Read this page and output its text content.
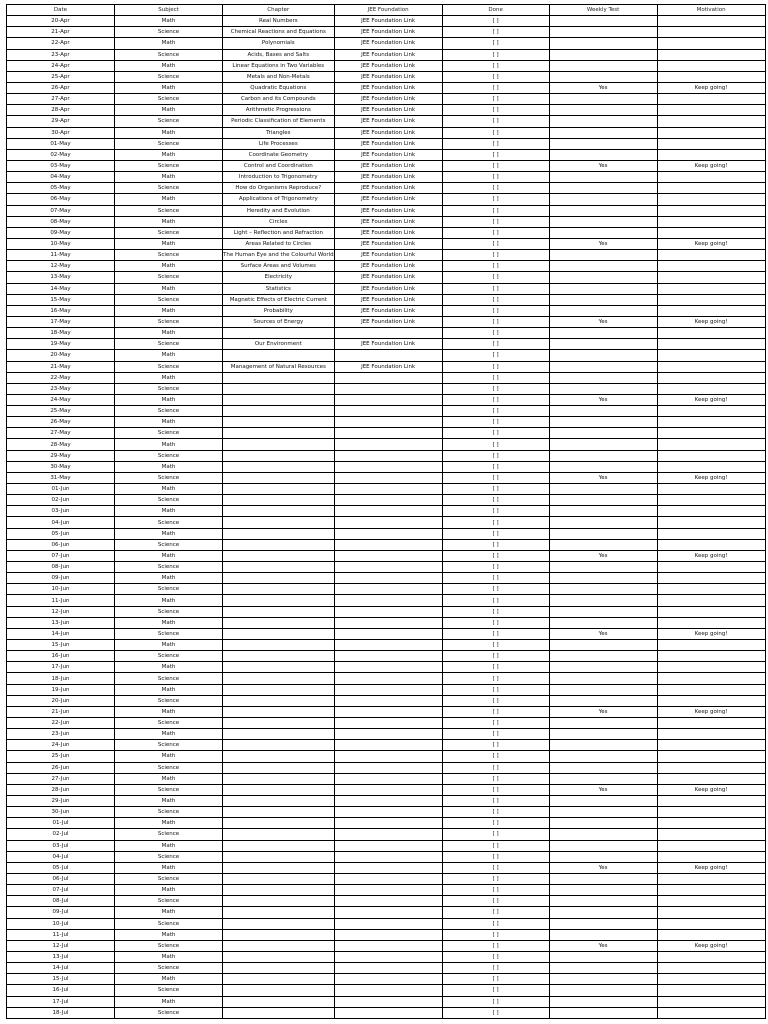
Date	Subject	Chapter	JEE Foundation	Done	Weekly Test	Motivation
20-Apr	Math	Real Numbers	JEE Foundation Link	[ ]		
21-Apr	Science	Chemical Reactions and Equations	JEE Foundation Link	[ ]		
22-Apr	Math	Polynomials	JEE Foundation Link	[ ]		
23-Apr	Science	Acids, Bases and Salts	JEE Foundation Link	[ ]		
24-Apr	Math	Linear Equations in Two Variables	JEE Foundation Link	[ ]		
25-Apr	Science	Metals and Non-Metals	JEE Foundation Link	[ ]		
26-Apr	Math	Quadratic Equations	JEE Foundation Link	[ ]	Yes	Keep going!
27-Apr	Science	Carbon and its Compounds	JEE Foundation Link	[ ]		
28-Apr	Math	Arithmetic Progressions	JEE Foundation Link	[ ]		
29-Apr	Science	Periodic Classification of Elements	JEE Foundation Link	[ ]		
30-Apr	Math	Triangles	JEE Foundation Link	[ ]		
01-May	Science	Life Processes	JEE Foundation Link	[ ]		
02-May	Math	Coordinate Geometry	JEE Foundation Link	[ ]		
03-May	Science	Control and Coordination	JEE Foundation Link	[ ]	Yes	Keep going!
04-May	Math	Introduction to Trigonometry	JEE Foundation Link	[ ]		
05-May	Science	How do Organisms Reproduce?	JEE Foundation Link	[ ]		
06-May	Math	Applications of Trigonometry	JEE Foundation Link	[ ]		
07-May	Science	Heredity and Evolution	JEE Foundation Link	[ ]		
08-May	Math	Circles	JEE Foundation Link	[ ]		
09-May	Science	Light – Reflection and Refraction	JEE Foundation Link	[ ]		
10-May	Math	Areas Related to Circles	JEE Foundation Link	[ ]	Yes	Keep going!
11-May	Science	The Human Eye and the Colourful World	JEE Foundation Link	[ ]		
12-May	Math	Surface Areas and Volumes	JEE Foundation Link	[ ]		
13-May	Science	Electricity	JEE Foundation Link	[ ]		
14-May	Math	Statistics	JEE Foundation Link	[ ]		
15-May	Science	Magnetic Effects of Electric Current	JEE Foundation Link	[ ]		
16-May	Math	Probability	JEE Foundation Link	[ ]		
17-May	Science	Sources of Energy	JEE Foundation Link	[ ]	Yes	Keep going!
18-May	Math			[ ]		
19-May	Science	Our Environment	JEE Foundation Link	[ ]		
20-May	Math			[ ]		
21-May	Science	Management of Natural Resources	JEE Foundation Link	[ ]		
22-May	Math			[ ]		
23-May	Science			[ ]		
24-May	Math			[ ]	Yes	Keep going!
25-May	Science			[ ]		
26-May	Math			[ ]		
27-May	Science			[ ]		
28-May	Math			[ ]		
29-May	Science			[ ]		
30-May	Math			[ ]		
31-May	Science			[ ]	Yes	Keep going!
01-Jun	Math			[ ]		
02-Jun	Science			[ ]		
03-Jun	Math			[ ]		
04-Jun	Science			[ ]		
05-Jun	Math			[ ]		
06-Jun	Science			[ ]		
07-Jun	Math			[ ]	Yes	Keep going!
08-Jun	Science			[ ]		
09-Jun	Math			[ ]		
10-Jun	Science			[ ]		
11-Jun	Math			[ ]		
12-Jun	Science			[ ]		
13-Jun	Math			[ ]		
14-Jun	Science			[ ]	Yes	Keep going!
15-Jun	Math			[ ]		
16-Jun	Science			[ ]		
17-Jun	Math			[ ]		
18-Jun	Science			[ ]		
19-Jun	Math			[ ]		
20-Jun	Science			[ ]		
21-Jun	Math			[ ]	Yes	Keep going!
22-Jun	Science			[ ]		
23-Jun	Math			[ ]		
24-Jun	Science			[ ]		
25-Jun	Math			[ ]		
26-Jun	Science			[ ]		
27-Jun	Math			[ ]		
28-Jun	Science			[ ]	Yes	Keep going!
29-Jun	Math			[ ]		
30-Jun	Science			[ ]		
01-Jul	Math			[ ]		
02-Jul	Science			[ ]		
03-Jul	Math			[ ]		
04-Jul	Science			[ ]		
05-Jul	Math			[ ]	Yes	Keep going!
06-Jul	Science			[ ]		
07-Jul	Math			[ ]		
08-Jul	Science			[ ]		
09-Jul	Math			[ ]		
10-Jul	Science			[ ]		
11-Jul	Math			[ ]		
12-Jul	Science			[ ]	Yes	Keep going!
13-Jul	Math			[ ]		
14-Jul	Science			[ ]		
15-Jul	Math			[ ]		
16-Jul	Science			[ ]		
17-Jul	Math			[ ]		
18-Jul	Science			[ ]		
